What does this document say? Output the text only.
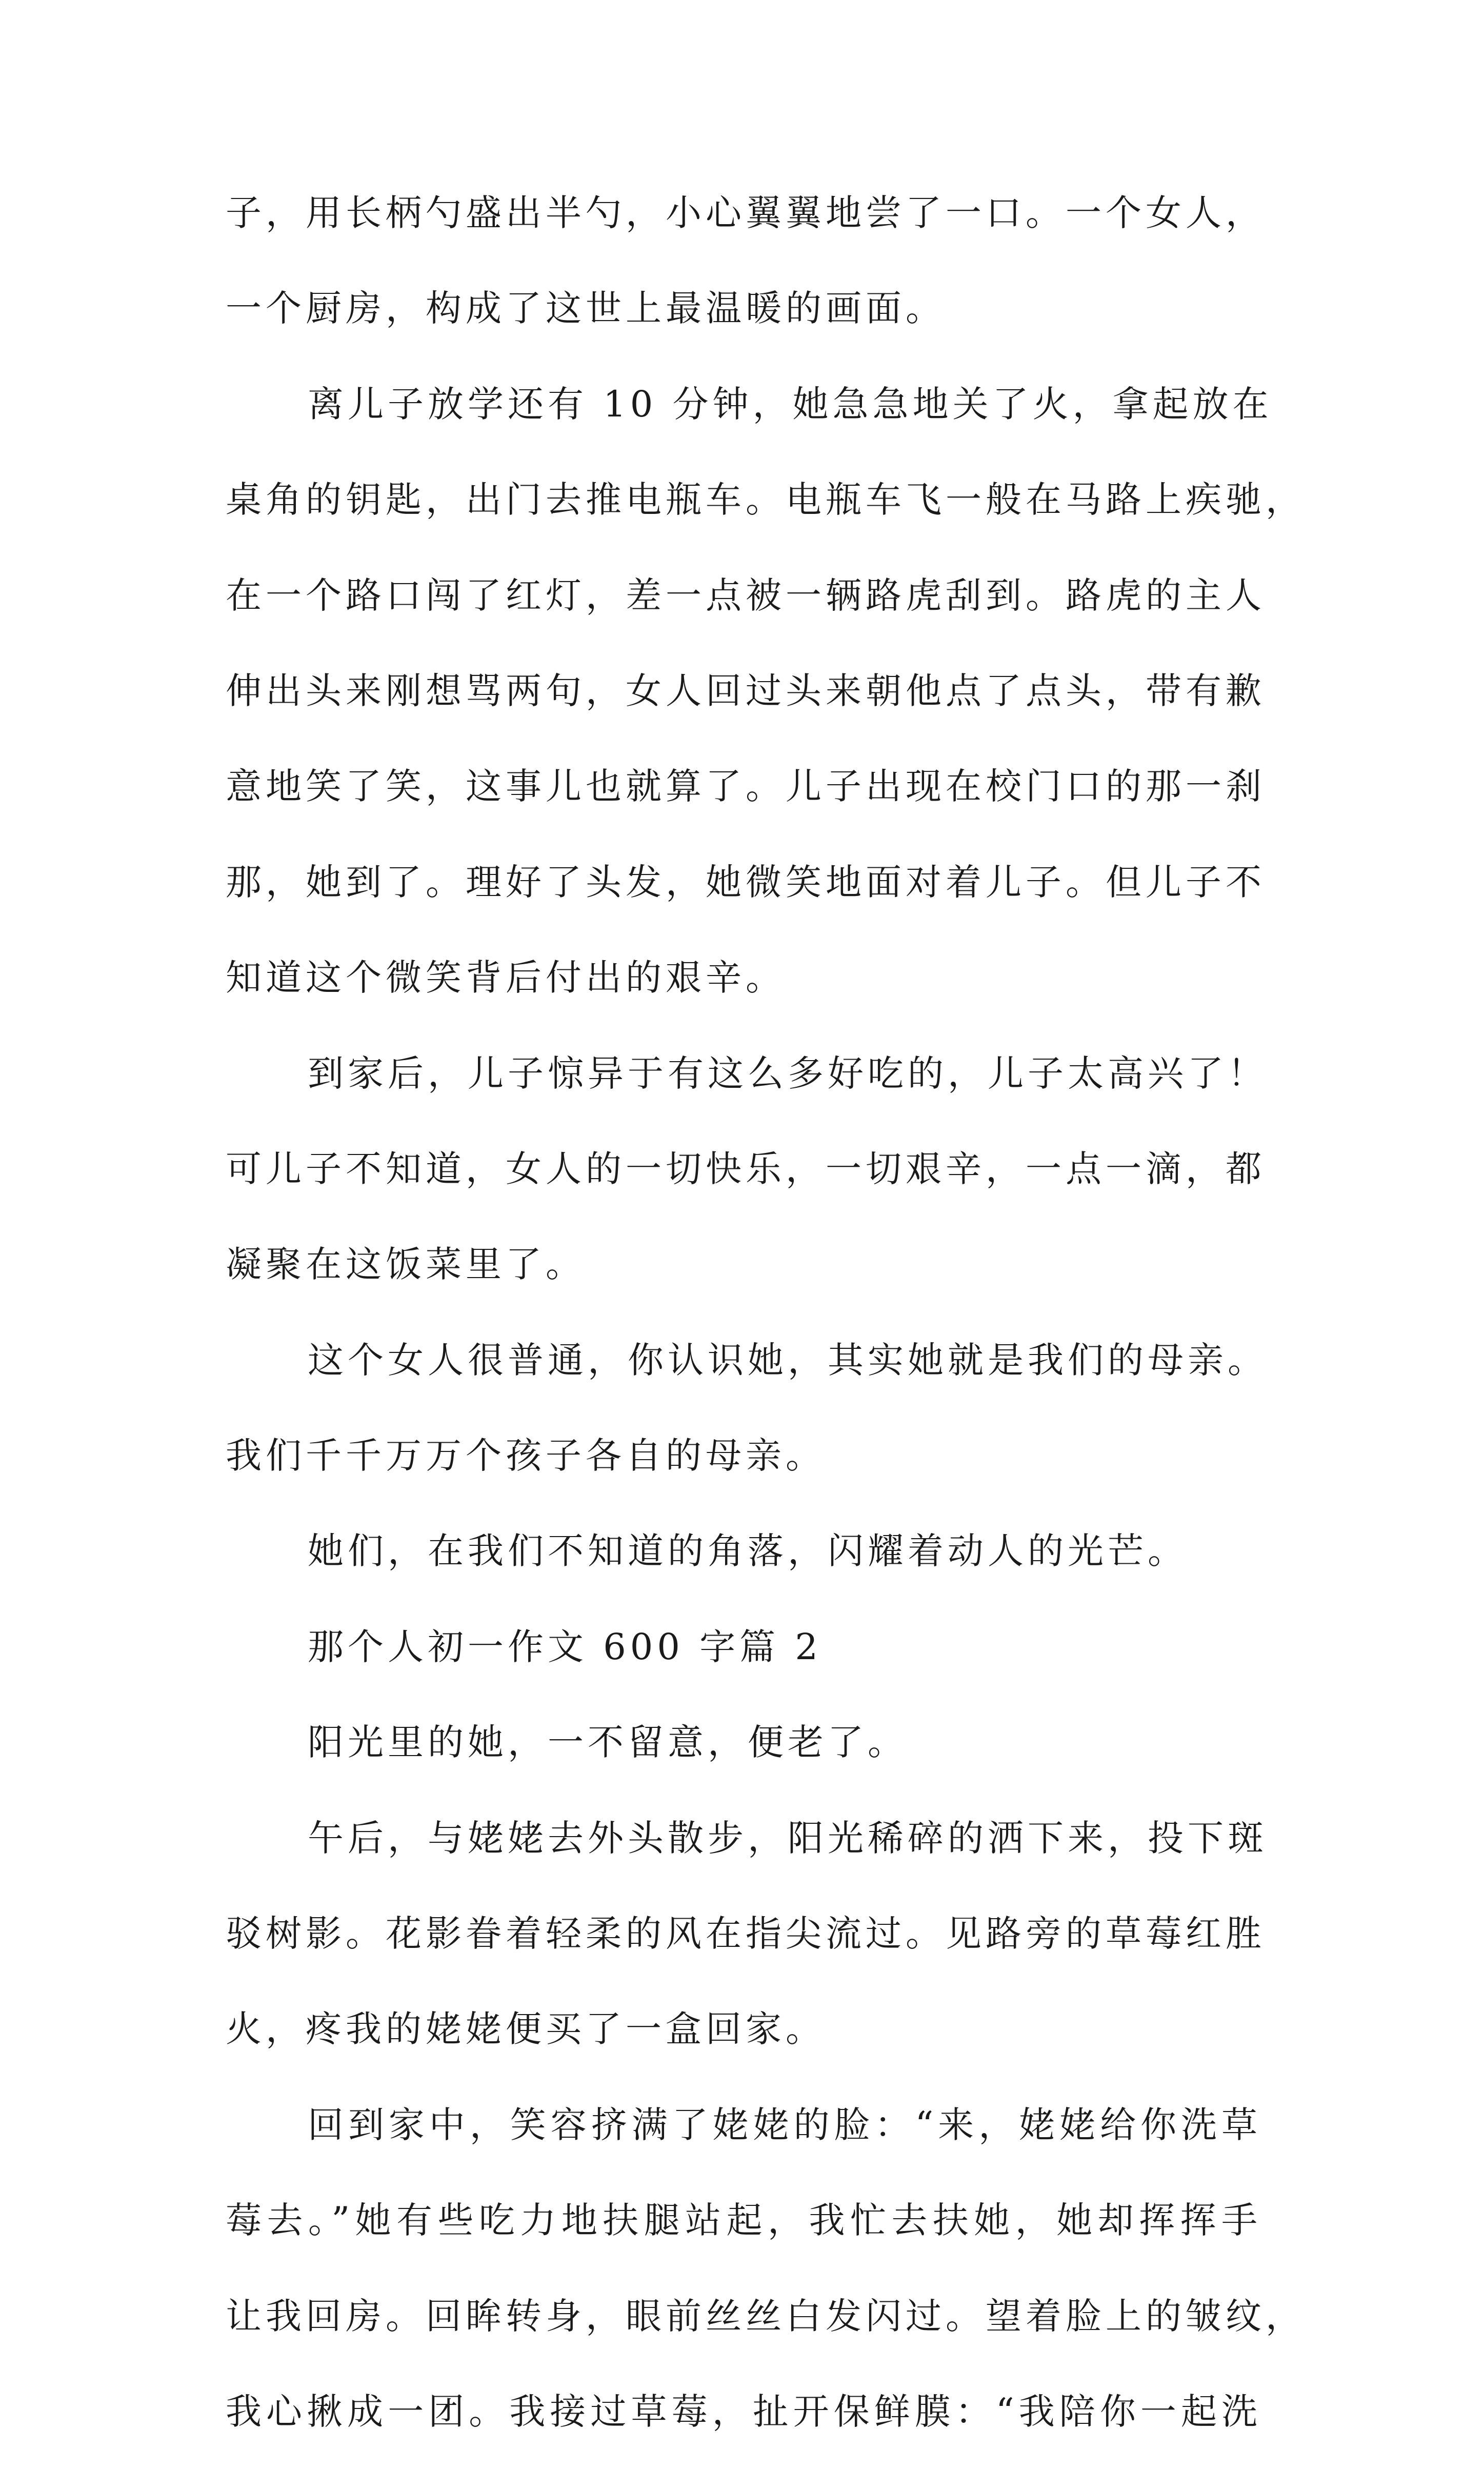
子，用长柄勺盛出半勺，小心翼翼地尝了一口。一个女人，
一个厨房，构成了这世上最温暖的画面。
离儿子放学还有 10 分钟，她急急地关了火，拿起放在
桌角的钥匙，出门去推电瓶车。电瓶车飞一般在马路上疾驰，
在一个路口闯了红灯，差一点被一辆路虎刮到。路虎的主人
伸出头来刚想骂两句，女人回过头来朝他点了点头，带有歉
意地笑了笑，这事儿也就算了。儿子出现在校门口的那一刹
那，她到了。理好了头发，她微笑地面对着儿子。但儿子不
知道这个微笑背后付出的艰辛。
到家后，儿子惊异于有这么多好吃的，儿子太高兴了！
可儿子不知道，女人的一切快乐，一切艰辛，一点一滴，都
凝聚在这饭菜里了。
这个女人很普通，你认识她，其实她就是我们的母亲。
我们千千万万个孩子各自的母亲。
她们，在我们不知道的角落，闪耀着动人的光芒。
那个人初一作文 600 字篇 2
阳光里的她，一不留意，便老了。
午后，与姥姥去外头散步，阳光稀碎的洒下来，投下斑
驳树影。花影眷着轻柔的风在指尖流过。见路旁的草莓红胜
火，疼我的姥姥便买了一盒回家。
回到家中，笑容挤满了姥姥的脸：“来，姥姥给你洗草
莓去。”她有些吃力地扶腿站起，我忙去扶她，她却挥挥手
让我回房。回眸转身，眼前丝丝白发闪过。望着脸上的皱纹，
我心揪成一团。我接过草莓，扯开保鲜膜：“我陪你一起洗
